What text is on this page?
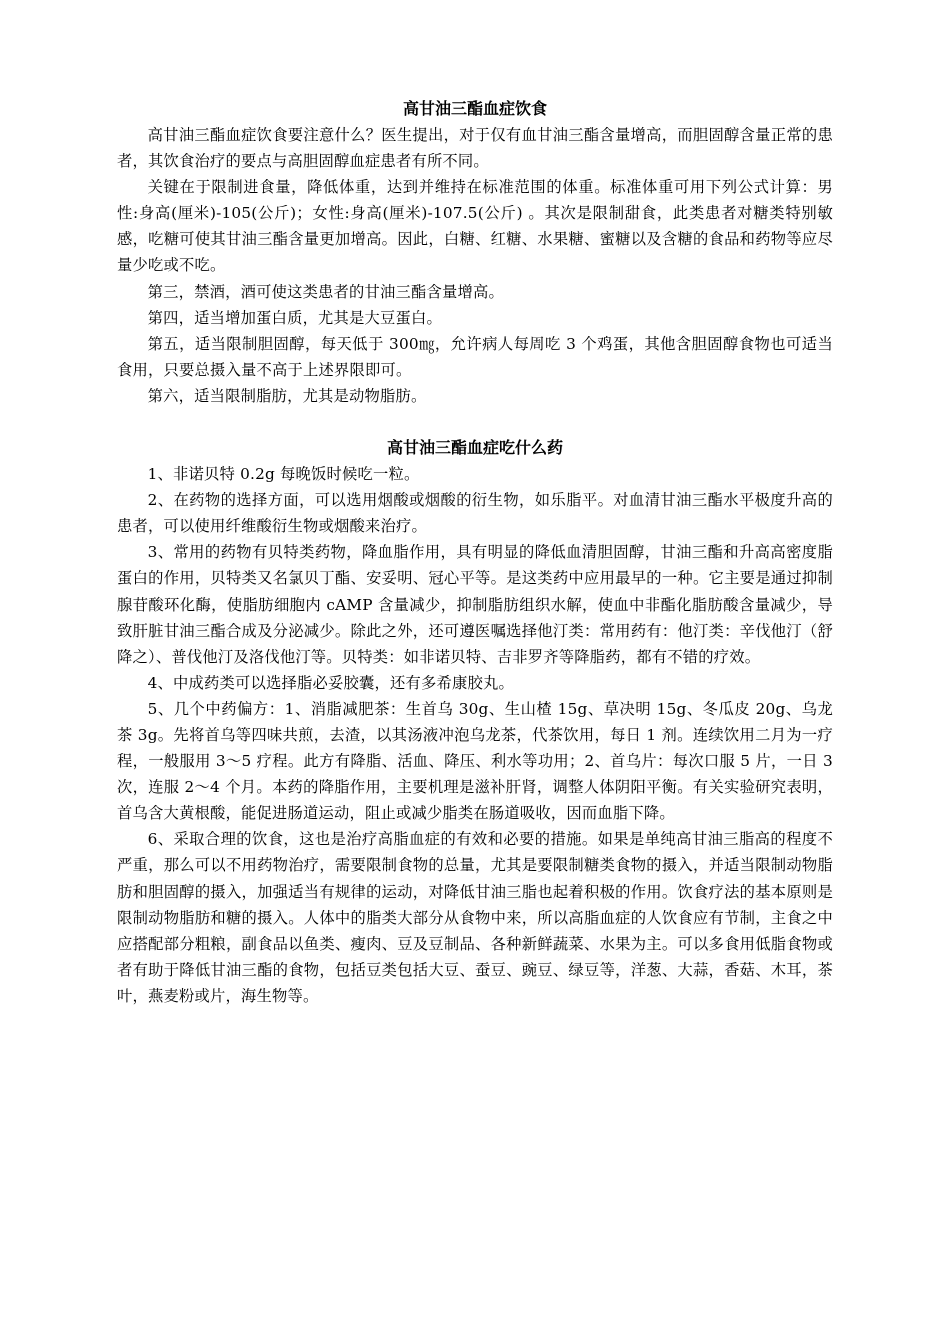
高甘油三酯血症饮食

高甘油三酯血症饮食要注意什么？医生提出，对于仅有血甘油三酯含量增高，而胆固醇含量正常的患者，其饮食治疗的要点与高胆固醇血症患者有所不同。

关键在于限制进食量，降低体重，达到并维持在标准范围的体重。标准体重可用下列公式计算：男性:身高(厘米)-105(公斤)；女性:身高(厘米)-107.5(公斤) 。其次是限制甜食，此类患者对糖类特别敏感，吃糖可使其甘油三酯含量更加增高。因此，白糖、红糖、水果糖、蜜糖以及含糖的食品和药物等应尽量少吃或不吃。

第三，禁酒，酒可使这类患者的甘油三酯含量增高。

第四，适当增加蛋白质，尤其是大豆蛋白。

第五，适当限制胆固醇，每天低于 300㎎，允许病人每周吃 3 个鸡蛋，其他含胆固醇食物也可适当食用，只要总摄入量不高于上述界限即可。

第六，适当限制脂肪，尤其是动物脂肪。

高甘油三酯血症吃什么药

1、非诺贝特 0.2g 每晚饭时候吃一粒。

2、在药物的选择方面，可以选用烟酸或烟酸的衍生物，如乐脂平。对血清甘油三酯水平极度升高的患者，可以使用纤维酸衍生物或烟酸来治疗。

3、常用的药物有贝特类药物，降血脂作用，具有明显的降低血清胆固醇，甘油三酯和升高高密度脂蛋白的作用，贝特类又名氯贝丁酯、安妥明、冠心平等。是这类药中应用最早的一种。它主要是通过抑制腺苷酸环化酶，使脂肪细胞内 cAMP 含量减少，抑制脂肪组织水解，使血中非酯化脂肪酸含量减少，导致肝脏甘油三酯合成及分泌减少。除此之外，还可遵医嘱选择他汀类：常用药有：他汀类：辛伐他汀（舒降之）、普伐他汀及洛伐他汀等。贝特类：如非诺贝特、吉非罗齐等降脂药，都有不错的疗效。

4、中成药类可以选择脂必妥胶囊，还有多希康胶丸。

5、几个中药偏方：1、消脂减肥茶：生首乌 30g、生山楂 15g、草决明 15g、冬瓜皮 20g、乌龙茶 3g。先将首乌等四味共煎，去渣，以其汤液冲泡乌龙茶，代茶饮用，每日 1 剂。连续饮用二月为一疗程，一般服用 3～5 疗程。此方有降脂、活血、降压、利水等功用；2、首乌片：每次口服 5 片，一日 3 次，连服 2～4 个月。本药的降脂作用，主要机理是滋补肝肾，调整人体阴阳平衡。有关实验研究表明，首乌含大黄根酸，能促进肠道运动，阻止或减少脂类在肠道吸收，因而血脂下降。

6、采取合理的饮食，这也是治疗高脂血症的有效和必要的措施。如果是单纯高甘油三脂高的程度不严重，那么可以不用药物治疗，需要限制食物的总量，尤其是要限制糖类食物的摄入，并适当限制动物脂肪和胆固醇的摄入，加强适当有规律的运动，对降低甘油三脂也起着积极的作用。饮食疗法的基本原则是限制动物脂肪和糖的摄入。人体中的脂类大部分从食物中来，所以高脂血症的人饮食应有节制，主食之中应搭配部分粗粮，副食品以鱼类、瘦肉、豆及豆制品、各种新鲜蔬菜、水果为主。可以多食用低脂食物或者有助于降低甘油三酯的食物，包括豆类包括大豆、蚕豆、豌豆、绿豆等，洋葱、大蒜，香菇、木耳，茶叶，燕麦粉或片，海生物等。
